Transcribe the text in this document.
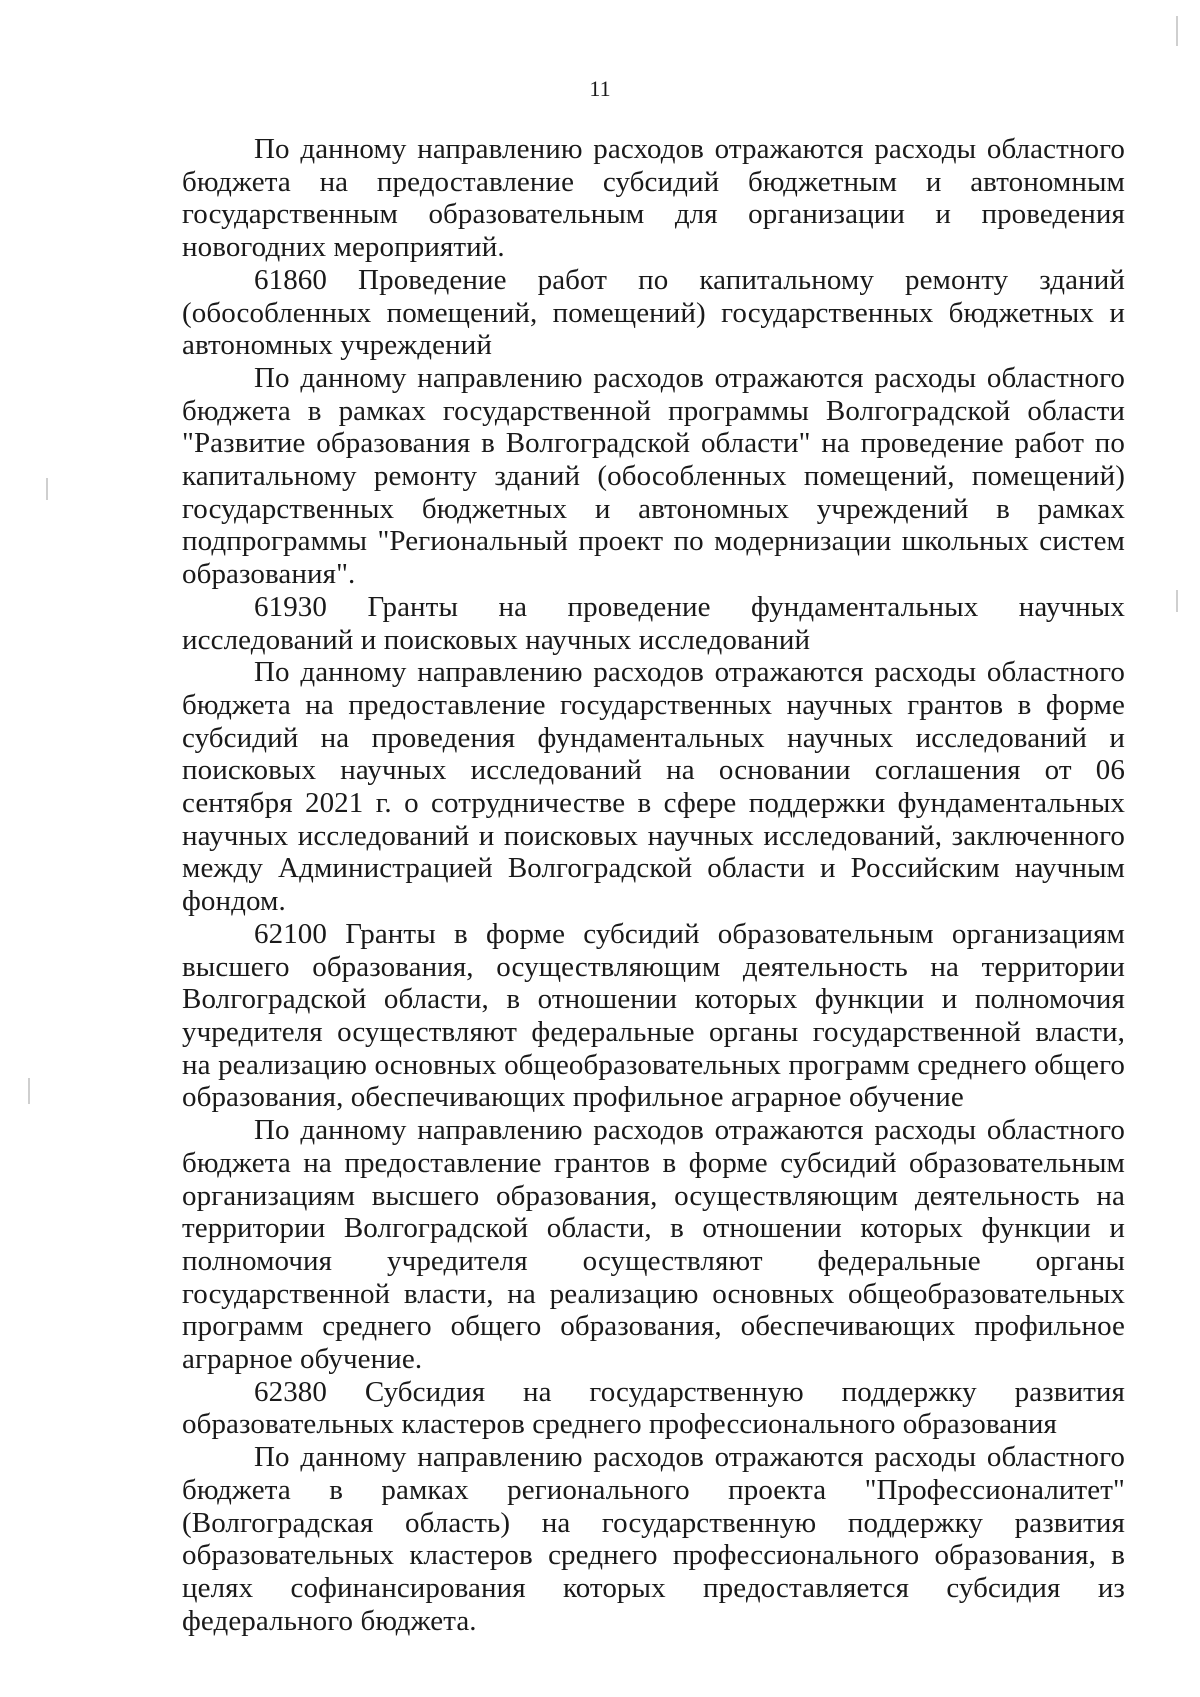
11

По данному направлению расходов отражаются расходы областного бюджета на предоставление субсидий бюджетным и автономным государственным образовательным для организации и проведения новогодних мероприятий.

61860 Проведение работ по капитальному ремонту зданий (обособленных помещений, помещений) государственных бюджетных и автономных учреждений

По данному направлению расходов отражаются расходы областного бюджета в рамках государственной программы Волгоградской области "Развитие образования в Волгоградской области" на проведение работ по капитальному ремонту зданий (обособленных помещений, помещений) государственных бюджетных и автономных учреждений в рамках подпрограммы "Региональный проект по модернизации школьных систем образования".

61930 Гранты на проведение фундаментальных научных исследований и поисковых научных исследований

По данному направлению расходов отражаются расходы областного бюджета на предоставление государственных научных грантов в форме субсидий на проведения фундаментальных научных исследований и поисковых научных исследований на основании соглашения от 06 сентября 2021 г. о сотрудничестве в сфере поддержки фундаментальных научных исследований и поисковых научных исследований, заключенного между Администрацией Волгоградской области и Российским научным фондом.

62100 Гранты в форме субсидий образовательным организациям высшего образования, осуществляющим деятельность на территории Волгоградской области, в отношении которых функции и полномочия учредителя осуществляют федеральные органы государственной власти, на реализацию основных общеобразовательных программ среднего общего образования, обеспечивающих профильное аграрное обучение

По данному направлению расходов отражаются расходы областного бюджета на предоставление грантов в форме субсидий образовательным организациям высшего образования, осуществляющим деятельность на территории Волгоградской области, в отношении которых функции и полномочия учредителя осуществляют федеральные органы государственной власти, на реализацию основных общеобразовательных программ среднего общего образования, обеспечивающих профильное аграрное обучение.

62380 Субсидия на государственную поддержку развития образовательных кластеров среднего профессионального образования

По данному направлению расходов отражаются расходы областного бюджета в рамках регионального проекта "Профессионалитет" (Волгоградская область) на государственную поддержку развития образовательных кластеров среднего профессионального образования, в целях софинансирования которых предоставляется субсидия из федерального бюджета.
